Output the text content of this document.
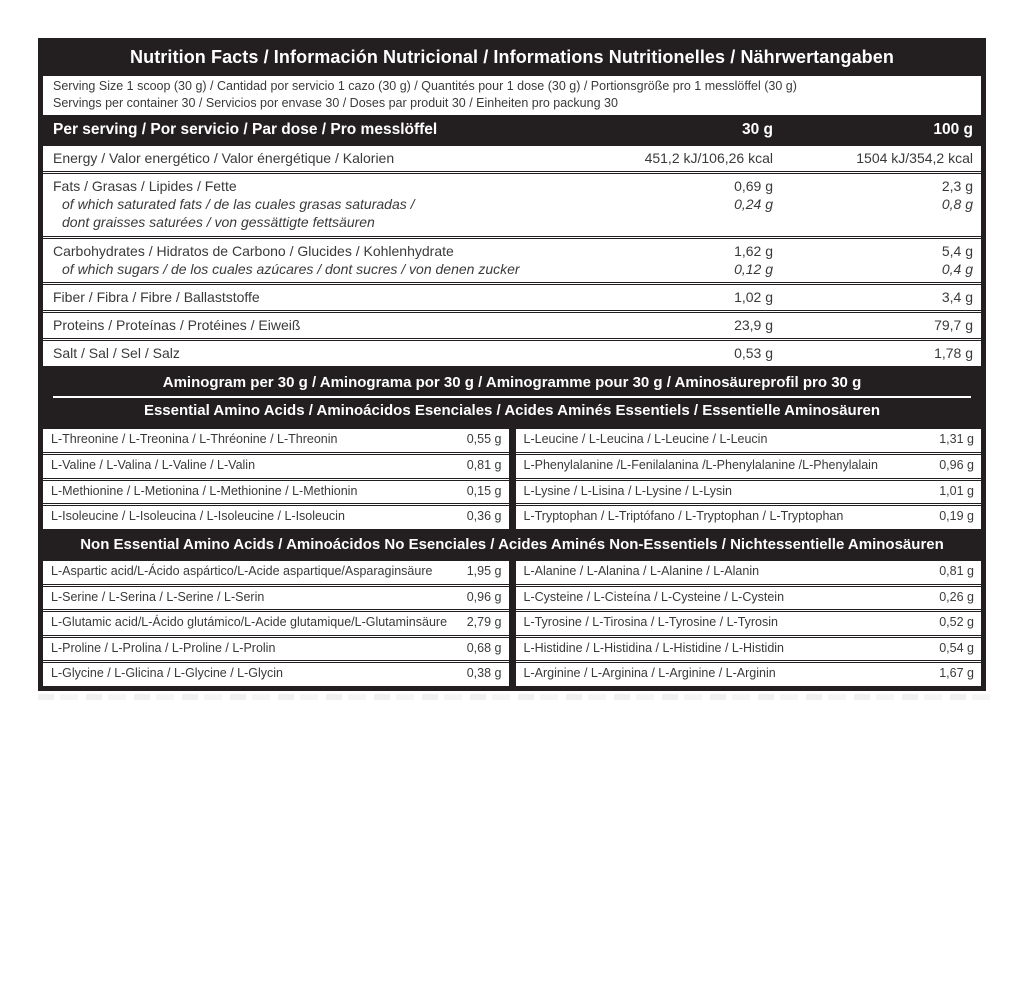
Nutrition Facts / Información Nutricional / Informations Nutritionelles / Nährwertangaben
Serving Size 1 scoop (30 g) / Cantidad por servicio 1 cazo (30 g) / Quantités pour 1 dose (30 g) / Portionsgröße pro 1 messlöffel (30 g)
Servings per container 30 / Servicios por envase 30 / Doses par produit 30 / Einheiten pro packung 30
Per serving / Por servicio / Par dose / Pro messlöffel	30 g	100 g
Energy / Valor energético / Valor énergétique / Kalorien	451,2 kJ/106,26 kcal	1504 kJ/354,2 kcal
Fats / Grasas / Lipides / Fette	0,69 g	2,3 g
of which saturated fats / de las cuales grasas saturadas /	0,24 g	0,8 g
dont graisses saturées / von gessättigte fettsäuren
Carbohydrates / Hidratos de Carbono / Glucides / Kohlenhydrate	1,62 g	5,4 g
of which sugars / de los cuales azúcares / dont sucres / von denen zucker	0,12 g	0,4 g
Fiber / Fibra / Fibre / Ballaststoffe	1,02 g	3,4 g
Proteins / Proteínas / Protéines / Eiweiß	23,9 g	79,7 g
Salt / Sal / Sel / Salz	0,53 g	1,78 g
Aminogram per 30 g / Aminograma por 30 g / Aminogramme pour 30 g / Aminosäureprofil pro 30 g
Essential Amino Acids / Aminoácidos Esenciales / Acides Aminés Essentiels / Essentielle Aminosäuren
L-Threonine / L-Treonina / L-Thréonine / L-Threonin	0,55 g
L-Valine / L-Valina / L-Valine / L-Valin	0,81 g
L-Methionine / L-Metionina / L-Methionine / L-Methionin	0,15 g
L-Isoleucine / L-Isoleucina / L-Isoleucine / L-Isoleucin	0,36 g
L-Leucine / L-Leucina / L-Leucine / L-Leucin	1,31 g
L-Phenylalanine /L-Fenilalanina /L-Phenylalanine /L-Phenylalain	0,96 g
L-Lysine / L-Lisina / L-Lysine / L-Lysin	1,01 g
L-Tryptophan / L-Triptófano / L-Tryptophan / L-Tryptophan	0,19 g
Non Essential Amino Acids / Aminoácidos No Esenciales / Acides Aminés Non-Essentiels / Nichtessentielle Aminosäuren
L-Aspartic acid/L-Ácido aspártico/L-Acide aspartique/Asparaginsäure	1,95 g
L-Serine / L-Serina / L-Serine / L-Serin	0,96 g
L-Glutamic acid/L-Ácido glutámico/L-Acide glutamique/L-Glutaminsäure	2,79 g
L-Proline / L-Prolina / L-Proline / L-Prolin	0,68 g
L-Glycine / L-Glicina / L-Glycine / L-Glycin	0,38 g
L-Alanine / L-Alanina / L-Alanine / L-Alanin	0,81 g
L-Cysteine / L-Cisteína / L-Cysteine / L-Cystein	0,26 g
L-Tyrosine / L-Tirosina / L-Tyrosine / L-Tyrosin	0,52 g
L-Histidine / L-Histidina / L-Histidine / L-Histidin	0,54 g
L-Arginine / L-Arginina / L-Arginine / L-Arginin	1,67 g
